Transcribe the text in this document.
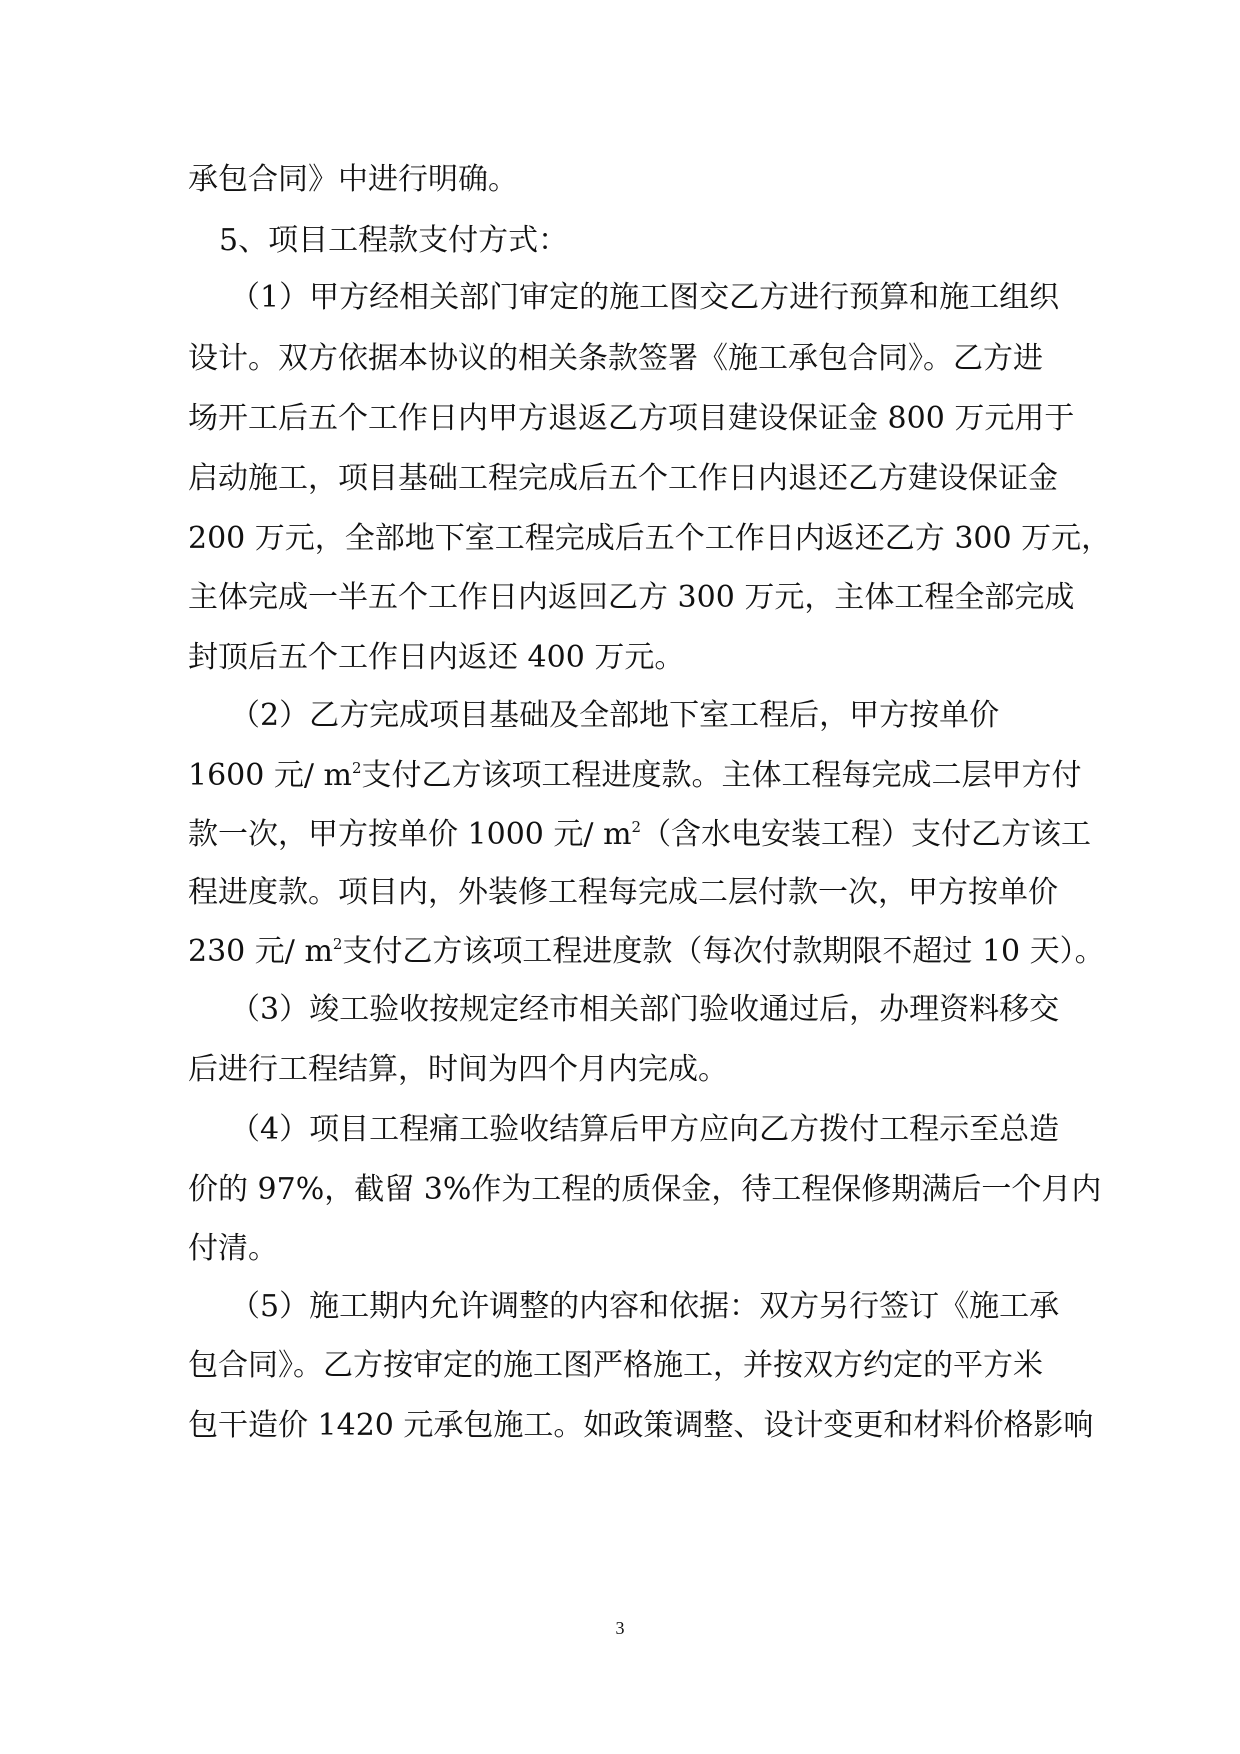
承包合同》中进行明确。
5、项目工程款支付方式：
（1）甲方经相关部门审定的施工图交乙方进行预算和施工组织
设计。双方依据本协议的相关条款签署《施工承包合同》。乙方进
场开工后五个工作日内甲方退返乙方项目建设保证金 800 万元用于
启动施工，项目基础工程完成后五个工作日内退还乙方建设保证金
200 万元，全部地下室工程完成后五个工作日内返还乙方 300 万元，
主体完成一半五个工作日内返回乙方 300 万元，主体工程全部完成
封顶后五个工作日内返还 400 万元。
（2）乙方完成项目基础及全部地下室工程后，甲方按单价
1600 元/ $m^2$支付乙方该项工程进度款。主体工程每完成二层甲方付
款一次，甲方按单价 1000 元/ $m^2$（含水电安装工程）支付乙方该工
程进度款。项目内，外装修工程每完成二层付款一次，甲方按单价
230 元/ $m^2$支付乙方该项工程进度款（每次付款期限不超过 10 天）。
（3）竣工验收按规定经市相关部门验收通过后，办理资料移交
后进行工程结算，时间为四个月内完成。
（4）项目工程痛工验收结算后甲方应向乙方拨付工程示至总造
价的 97%，截留 3%作为工程的质保金，待工程保修期满后一个月内
付清。
（5）施工期内允许调整的内容和依据：双方另行签订《施工承
包合同》。乙方按审定的施工图严格施工，并按双方约定的平方米
包干造价 1420 元承包施工。如政策调整、设计变更和材料价格影响
3
